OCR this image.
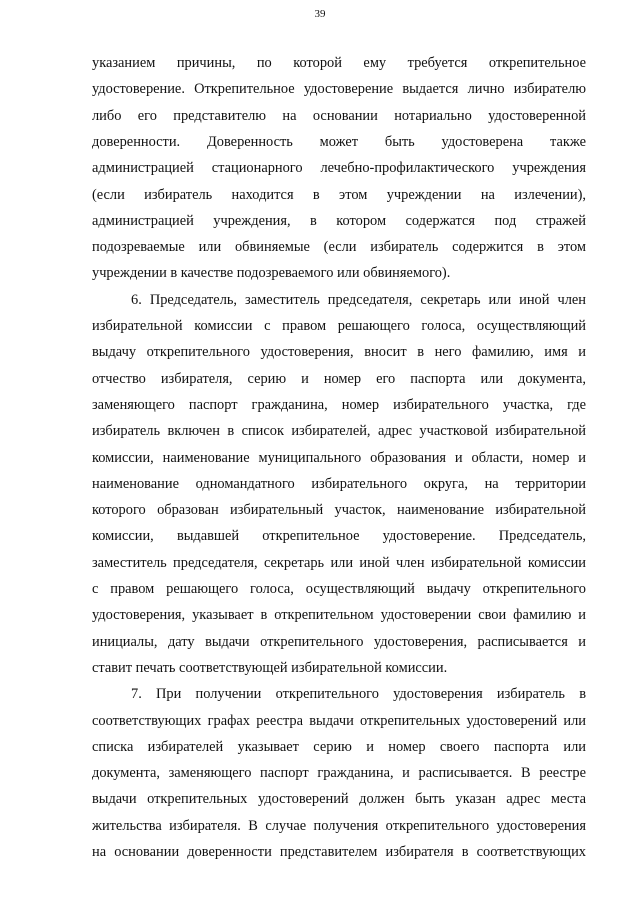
39
указанием причины, по которой ему требуется открепительное
удостоверение. Открепительное удостоверение выдается лично избирателю
либо его представителю на основании нотариально удостоверенной
доверенности. Доверенность может быть удостоверена также
администрацией стационарного лечебно-профилактического учреждения
(если избиратель находится в этом учреждении на излечении),
администрацией учреждения, в котором содержатся под стражей
подозреваемые или обвиняемые (если избиратель содержится в этом
учреждении в качестве подозреваемого или обвиняемого).
6. Председатель, заместитель председателя, секретарь или иной член
избирательной комиссии с правом решающего голоса, осуществляющий
выдачу открепительного удостоверения, вносит в него фамилию, имя и
отчество избирателя, серию и номер его паспорта или документа,
заменяющего паспорт гражданина, номер избирательного участка, где
избиратель включен в список избирателей, адрес участковой избирательной
комиссии, наименование муниципального образования и области, номер и
наименование одномандатного избирательного округа, на территории
которого образован избирательный участок, наименование избирательной
комиссии, выдавшей открепительное удостоверение. Председатель,
заместитель председателя, секретарь или иной член избирательной комиссии
с правом решающего голоса, осуществляющий выдачу открепительного
удостоверения, указывает в открепительном удостоверении свои фамилию и
инициалы, дату выдачи открепительного удостоверения, расписывается и
ставит печать соответствующей избирательной комиссии.
7. При получении открепительного удостоверения избиратель в
соответствующих графах реестра выдачи открепительных удостоверений или
списка избирателей указывает серию и номер своего паспорта или
документа, заменяющего паспорт гражданина, и расписывается. В реестре
выдачи открепительных удостоверений должен быть указан адрес места
жительства избирателя. В случае получения открепительного удостоверения
на основании доверенности представителем избирателя в соответствующих
